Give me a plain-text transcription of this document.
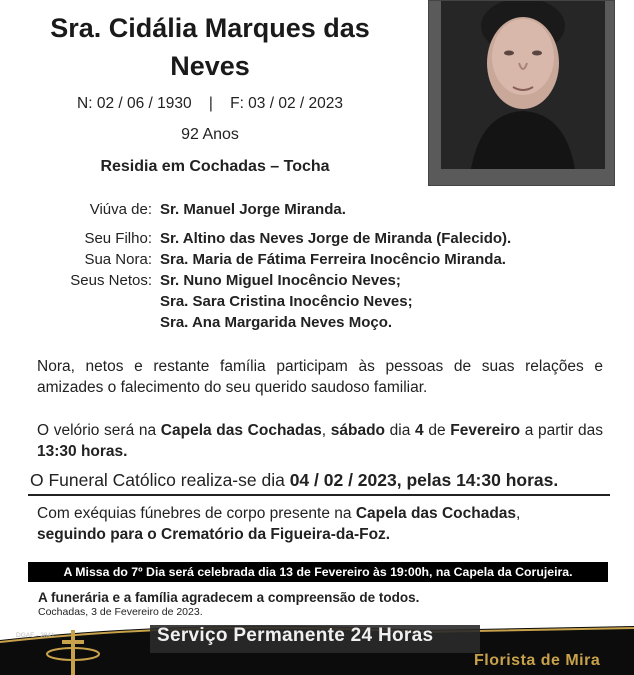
Sra. Cidália Marques das
Neves
N: 02 / 06 / 1930    |    F: 03 / 02 / 2023
92 Anos
Residia em Cochadas – Tocha
Viúva de: Sr. Manuel Jorge Miranda.
Seu Filho: Sr. Altino das Neves Jorge de Miranda (Falecido).
Sua Nora: Sra. Maria de Fátima Ferreira Inocêncio Miranda.
Seus Netos: Sr. Nuno Miguel Inocêncio Neves;
Sra. Sara Cristina Inocêncio Neves;
Sra. Ana Margarida Neves Moço.
Nora, netos e restante família participam às pessoas de suas relações e amizades o falecimento do seu querido saudoso familiar.
O velório será na Capela das Cochadas, sábado dia 4 de Fevereiro a partir das 13:30 horas.
O Funeral Católico realiza-se dia 04 / 02 / 2023, pelas 14:30 horas.
Com exéquias fúnebres de corpo presente na Capela das Cochadas,
seguindo para o Crematório da Figueira-da-Foz.
A Missa do 7º Dia será celebrada dia 13 de Fevereiro às 19:00h, na Capela da Corujeira.
A funerária e a família agradecem a compreensão de todos.
Cochadas, 3 de Fevereiro de 2023.
DGAE - 2841	Serviço Permanente 24 Horas
Florista de Mira
